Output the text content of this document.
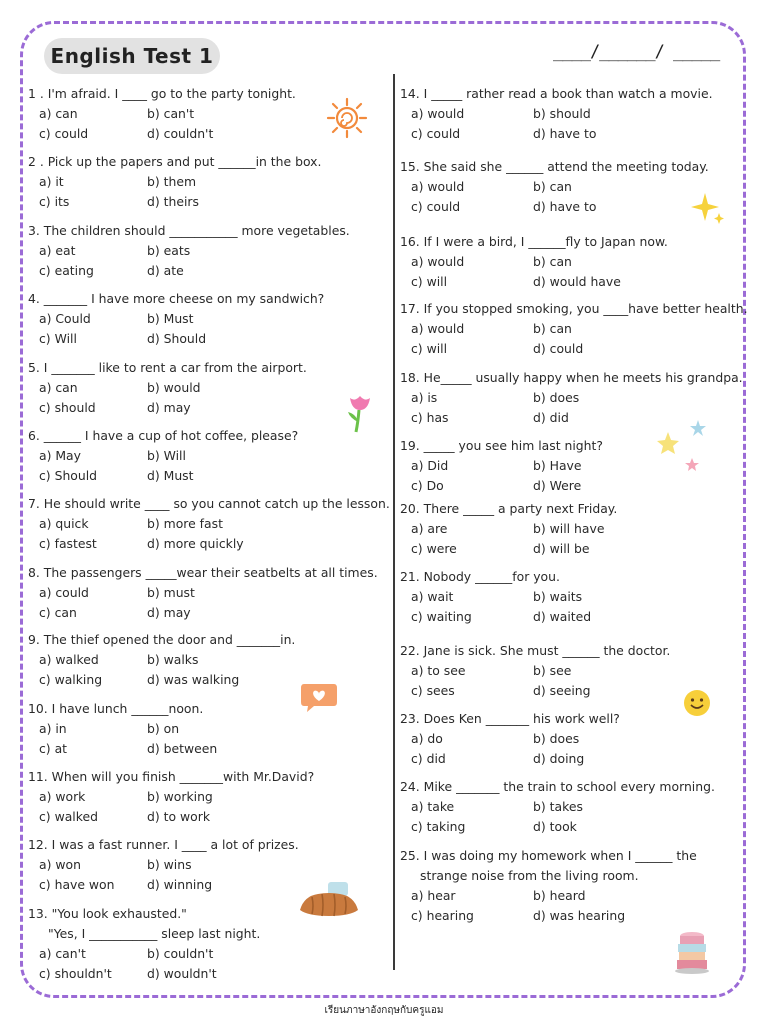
English Test 1	____/______/ _____
1 . I'm afraid. I ____ go to the party tonight.
a) can	b) can't
c) could	d) couldn't
2 . Pick up the papers and put ______in the box.
a) it	b) them
c) its	d) theirs
3. The children should ___________ more vegetables.
a) eat	b) eats
c) eating	d) ate
4. _______ I have more cheese on my sandwich?
a) Could	b) Must
c) Will	d) Should
5. I _______ like to rent a car from the airport.
a) can	b) would
c) should	d) may
6. ______ I have a cup of hot coffee, please?
a) May	b) Will
c) Should	d) Must
7. He should write ____ so you cannot catch up the lesson.
a) quick	b) more fast
c) fastest	d) more quickly
8. The passengers _____wear their seatbelts at all times.
a) could	b) must
c) can	d) may
9. The thief opened the door and _______in.
a) walked	b) walks
c) walking	d) was walking
10. I have lunch ______noon.
a) in	b) on
c) at	d) between
11. When will you finish _______with Mr.David?
a) work	b) working
c) walked	d) to work
12. I was a fast runner. I ____ a lot of prizes.
a) won	b) wins
c) have won	d) winning
13. "You look exhausted."
"Yes, I ___________ sleep last night.
a) can't	b) couldn't
c) shouldn't	d) wouldn't
14. I _____ rather read a book than watch a movie.
a) would	b) should
c) could	d) have to
15. She said she ______ attend the meeting today.
a) would	b) can
c) could	d) have to
16. If I were a bird, I ______fly to Japan now.
a) would	b) can
c) will	d) would have
17. If you stopped smoking, you ____have better health.
a) would	b) can
c) will	d) could
18. He_____ usually happy when he meets his grandpa.
a) is	b) does
c) has	d) did
19. _____ you see him last night?
a) Did	b) Have
c) Do	d) Were
20. There _____ a party next Friday.
a) are	b) will have
c) were	d) will be
21. Nobody ______for you.
a) wait	b) waits
c) waiting	d) waited
22. Jane is sick. She must ______ the doctor.
a) to see	b) see
c) sees	d) seeing
23. Does Ken _______ his work well?
a) do	b) does
c) did	d) doing
24. Mike _______ the train to school every morning.
a) take	b) takes
c) taking	d) took
25. I was doing my homework when I ______ the
strange noise from the living room.
a) hear	b) heard
c) hearing	d) was hearing
เรียนภาษาอังกฤษกับครูแอม
